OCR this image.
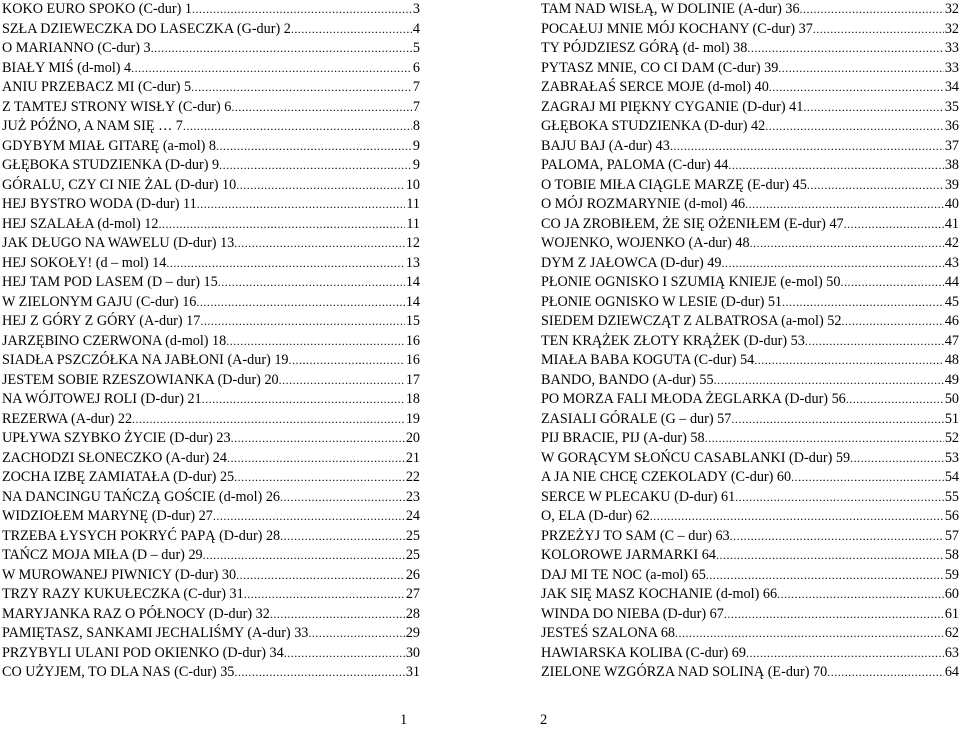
KOKO EURO SPOKO (C-dur) 1 .....	3
SZŁA DZIEWECZKA DO LASECZKA (G-dur) 2 .....	4
O MARIANNO (C-dur) 3 .....	5
BIAŁY MIŚ (d-mol) 4 .....	6
ANIU PRZEBACZ MI (C-dur) 5 .....	7
Z TAMTEJ STRONY WISŁY (C-dur) 6 .....	7
JUŻ PÓŹNO, A NAM SIĘ … 7 .....	8
GDYBYM MIAŁ GITARĘ (a-mol) 8 .....	9
GŁĘBOKA STUDZIENKA (D-dur) 9 .....	9
GÓRALU, CZY CI NIE ŻAL (D-dur) 10 .....	10
HEJ BYSTRO WODA (D-dur) 11 .....	11
HEJ SZALAŁA (d-mol) 12 .....	11
JAK DŁUGO NA WAWELU (D-dur) 13 .....	12
HEJ SOKOŁY! (d – mol) 14 .....	13
HEJ TAM POD LASEM (D – dur) 15 .....	14
W ZIELONYM GAJU (C-dur) 16 .....	14
HEJ Z GÓRY Z GÓRY (A-dur) 17 .....	15
JARZĘBINO CZERWONA (d-mol) 18 .....	16
SIADŁA PSZCZÓŁKA NA JABŁONI (A-dur) 19 .....	16
JESTEM SOBIE RZESZOWIANKA (D-dur) 20 .....	17
NA WÓJTOWEJ ROLI (D-dur) 21 .....	18
REZERWA (A-dur) 22 .....	19
UPŁYWA SZYBKO ŻYCIE (D-dur) 23 .....	20
ZACHODZI SŁONECZKO (A-dur) 24 .....	21
ZOCHA IZBĘ ZAMIATAŁA (D-dur) 25 .....	22
NA DANCINGU TAŃCZĄ GOŚCIE (d-mol) 26 .....	23
WIDZIOŁEM MARYNĘ (D-dur) 27 .....	24
TRZEBA ŁYSYCH POKRYĆ PAPĄ (D-dur) 28 .....	25
TAŃCZ MOJA MIŁA (D – dur) 29 .....	25
W MUROWANEJ PIWNICY (D-dur) 30 .....	26
TRZY RAZY KUKUŁECZKA (C-dur) 31 .....	27
MARYJANKA RAZ O PÓŁNOCY (D-dur) 32 .....	28
PAMIĘTASZ, SANKAMI JECHALIŚMY (A-dur) 33 .....	29
PRZYBYLI ULANI POD OKIENKO (D-dur) 34 .....	30
CO UŻYJEM, TO DLA NAS (C-dur) 35 .....	31
TAM NAD WISŁĄ, W DOLINIE (A-dur) 36 .....	32
POCAŁUJ MNIE MÓJ KOCHANY (C-dur) 37 .....	32
TY PÓJDZIESZ GÓRĄ (d- mol) 38 .....	33
PYTASZ MNIE, CO CI DAM (C-dur) 39 .....	33
ZABRAŁAŚ SERCE MOJE (d-mol) 40 .....	34
ZAGRAJ MI PIĘKNY CYGANIE (D-dur) 41 .....	35
GŁĘBOKA STUDZIENKA (D-dur) 42 .....	36
BAJU BAJ (A-dur) 43 .....	37
PALOMA, PALOMA (C-dur) 44 .....	38
O TOBIE MIŁA CIĄGLE MARZĘ (E-dur) 45 .....	39
O MÓJ ROZMARYNIE (d-mol) 46 .....	40
CO JA ZROBIŁEM, ŻE SIĘ OŻENIŁEM (E-dur) 47 .....	41
WOJENKO, WOJENKO (A-dur) 48 .....	42
DYM Z JAŁOWCA (D-dur) 49 .....	43
PŁONIE OGNISKO I SZUMIĄ KNIEJE (e-mol) 50 .....	44
PŁONIE OGNISKO W LESIE (D-dur) 51 .....	45
SIEDEM DZIEWCZĄT Z ALBATROSA (a-mol) 52 .....	46
TEN KRĄŻEK ZŁOTY KRĄŻEK (D-dur) 53 .....	47
MIAŁA BABA KOGUTA (C-dur) 54 .....	48
BANDO, BANDO (A-dur) 55 .....	49
PO MORZA FALI MŁODA ŻEGLARKA (D-dur) 56 .....	50
ZASIALI GÓRALE (G – dur) 57 .....	51
PIJ BRACIE, PIJ (A-dur) 58 .....	52
W GORĄCYM SŁOŃCU CASABLANKI (D-dur) 59 .....	53
A JA NIE CHCĘ CZEKOLADY (C-dur) 60 .....	54
SERCE W PLECAKU (D-dur) 61 .....	55
O, ELA (D-dur) 62 .....	56
PRZEŻYJ TO SAM (C – dur) 63 .....	57
KOLOROWE JARMARKI 64 .....	58
DAJ MI TE NOC (a-mol) 65 .....	59
JAK SIĘ MASZ KOCHANIE (d-mol) 66 .....	60
WINDA DO NIEBA (D-dur) 67 .....	61
JESTEŚ SZALONA 68 .....	62
HAWIARSKA KOLIBA (C-dur) 69 .....	63
ZIELONE WZGÓRZA NAD SOLINĄ (E-dur) 70 .....	64
1	2
